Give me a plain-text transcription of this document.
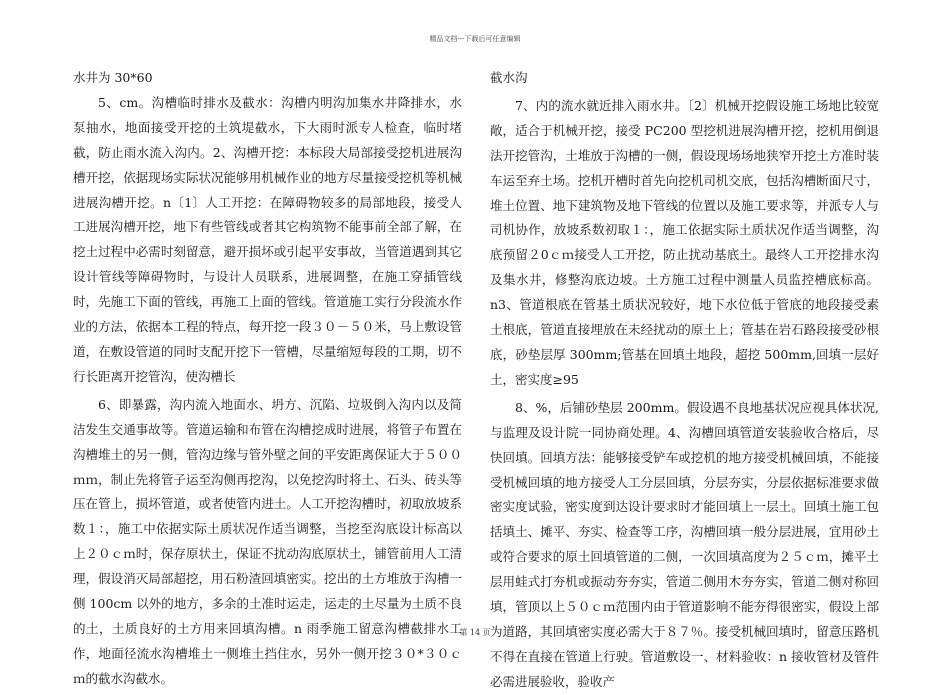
精品文档---下载后可任意编辑

水井为 30*60

5、cm。沟槽临时排水及截水：沟槽内明沟加集水井降排水，水泵抽水，地面接受开挖的土筑堤截水，下大雨时派专人检查，临时堵截，防止雨水流入沟内。2、沟槽开挖：本标段大局部接受挖机进展沟槽开挖，依据现场实际状况能够用机械作业的地方尽量接受挖机等机械进展沟槽开挖。n〔1〕人工开挖：在障碍物较多的局部地段，接受人工进展沟槽开挖，地下有些管线或者其它构筑物不能事前全部了解，在挖土过程中必需时刻留意，避开损坏或引起平安事故，当管道遇到其它设计管线等障碍物时，与设计人员联系，进展调整，在施工穿插管线时，先施工下面的管线，再施工上面的管线。管道施工实行分段流水作业的方法，依据本工程的特点，每开挖一段３０－５０米，马上敷设管道，在敷设管道的同时支配开挖下一管槽，尽量缩短每段的工期，切不行长距离开挖管沟，使沟槽长

6、即暴露，沟内流入地面水、坍方、沉陷、垃圾倒入沟内以及简洁发生交通事故等。管道运输和布管在沟槽挖成时进展，将管子布置在沟槽堆土的另一侧，管沟边缘与管外壁之间的平安距离保证大于５００ｍｍ，制止先将管子运至沟侧再挖沟，以免挖沟时将土、石头、砖头等压在管上，损坏管道，或者使管内进土。人工开挖沟槽时，初取放坡系数１：，施工中依据实际土质状况作适当调整，当挖至沟底设计标高以上２０ｃｍ时，保存原状土，保证不扰动沟底原状土，铺管前用人工清理，假设消灭局部超挖，用石粉渣回填密实。挖出的土方堆放于沟槽一侧 100cm 以外的地方，多余的土准时运走，运走的土尽量为土质不良的土，土质良好的土方用来回填沟槽。n 雨季施工留意沟槽截排水工作，地面径流水沟槽堆土一侧堆土挡住水，另外一侧开挖３０*３０ｃｍ的截水沟截水。

截水沟

7、内的流水就近排入雨水井。〔2〕机械开挖假设施工场地比较宽敞，适合于机械开挖，接受 PC200 型挖机进展沟槽开挖，挖机用倒退法开挖管沟，土堆放于沟槽的一侧，假设现场场地狭窄开挖土方准时装车运至弃土场。挖机开槽时首先向挖机司机交底，包括沟槽断面尺寸，堆土位置、地下建筑物及地下管线的位置以及施工要求等，并派专人与司机协作，放坡系数初取１：，施工依据实际土质状况作适当调整，沟底预留２0ｃｍ接受人工开挖，防止扰动基底土。最终人工开挖排水沟及集水井，修整沟底边坡。土方施工过程中测量人员监控槽底标高。n3、管道根底在管基土质状况较好，地下水位低于管底的地段接受素土根底，管道直接埋放在未经扰动的原土上；管基在岩石路段接受砂根底，砂垫层厚 300mm;管基在回填土地段，超挖 500mm,回填一层好土，密实度≥95

8、%，后铺砂垫层 200mm。假设遇不良地基状况应视具体状况,与监理及设计院一同协商处理。4、沟槽回填管道安装验收合格后，尽快回填。回填方法：能够接受铲车或挖机的地方接受机械回填，不能接受机械回填的地方接受人工分层回填，分层夯实，分层依据标准要求做密实度试验，密实度到达设计要求时才能回填上一层土。回填土施工包括填土、摊平、夯实、检查等工序，沟槽回填一般分层进展，宜用砂土或符合要求的原土回填管道的二侧，一次回填高度为２５ｃｍ，摊平土层用蛙式打夯机或振动夯夯实，管道二侧用木夯夯实，管道二侧对称回填，管顶以上５０ｃｍ范围内由于管道影响不能夯得很密实，假设上部为道路，其回填密实度必需大于８７％。接受机械回填时，留意压路机不得在直接在管道上行驶。管道敷设一、材料验收：n 接收管材及管件必需进展验收，验收产

第 14 页
